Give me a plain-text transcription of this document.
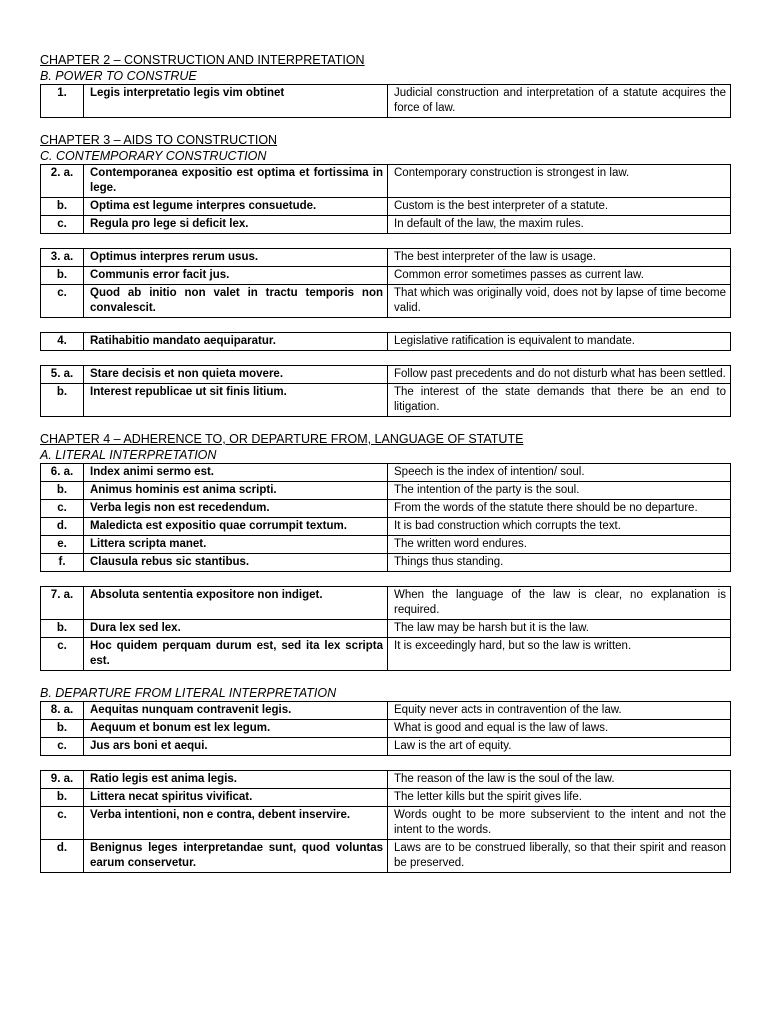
CHAPTER 2 – CONSTRUCTION AND INTERPRETATION
B. POWER TO CONSTRUE
1.	Legis interpretatio legis vim obtinet	Judicial construction and interpretation of a statute acquires the force of law.
CHAPTER 3 – AIDS TO CONSTRUCTION
C. CONTEMPORARY CONSTRUCTION
2. a.	Contemporanea expositio est optima et fortissima in lege.	Contemporary construction is strongest in law.
b.	Optima est legume interpres consuetude.	Custom is the best interpreter of a statute.
c.	Regula pro lege si deficit lex.	In default of the law, the maxim rules.
3. a.	Optimus interpres rerum usus.	The best interpreter of the law is usage.
b.	Communis error facit jus.	Common error sometimes passes as current law.
c.	Quod ab initio non valet in tractu temporis non convalescit.	That which was originally void, does not by lapse of time become valid.
4.	Ratihabitio mandato aequiparatur.	Legislative ratification is equivalent to mandate.
5. a.	Stare decisis et non quieta movere.	Follow past precedents and do not disturb what has been settled.
b.	Interest republicae ut sit finis litium.	The interest of the state demands that there be an end to litigation.
CHAPTER 4 – ADHERENCE TO, OR DEPARTURE FROM, LANGUAGE OF STATUTE
A. LITERAL INTERPRETATION
6. a.	Index animi sermo est.	Speech is the index of intention/ soul.
b.	Animus hominis est anima scripti.	The intention of the party is the soul.
c.	Verba legis non est recedendum.	From the words of the statute there should be no departure.
d.	Maledicta est expositio quae corrumpit textum.	It is bad construction which corrupts the text.
e.	Littera scripta manet.	The written word endures.
f.	Clausula rebus sic stantibus.	Things thus standing.
7. a.	Absoluta sententia expositore non indiget.	When the language of the law is clear, no explanation is required.
b.	Dura lex sed lex.	The law may be harsh but it is the law.
c.	Hoc quidem perquam durum est, sed ita lex scripta est.	It is exceedingly hard, but so the law is written.
B. DEPARTURE FROM LITERAL INTERPRETATION
8. a.	Aequitas nunquam contravenit legis.	Equity never acts in contravention of the law.
b.	Aequum et bonum est lex legum.	What is good and equal is the law of laws.
c.	Jus ars boni et aequi.	Law is the art of equity.
9. a.	Ratio legis est anima legis.	The reason of the law is the soul of the law.
b.	Littera necat spiritus vivificat.	The letter kills but the spirit gives life.
c.	Verba intentioni, non e contra, debent inservire.	Words ought to be more subservient to the intent and not the intent to the words.
d.	Benignus leges interpretandae sunt, quod voluntas earum conservetur.	Laws are to be construed liberally, so that their spirit and reason be preserved.
